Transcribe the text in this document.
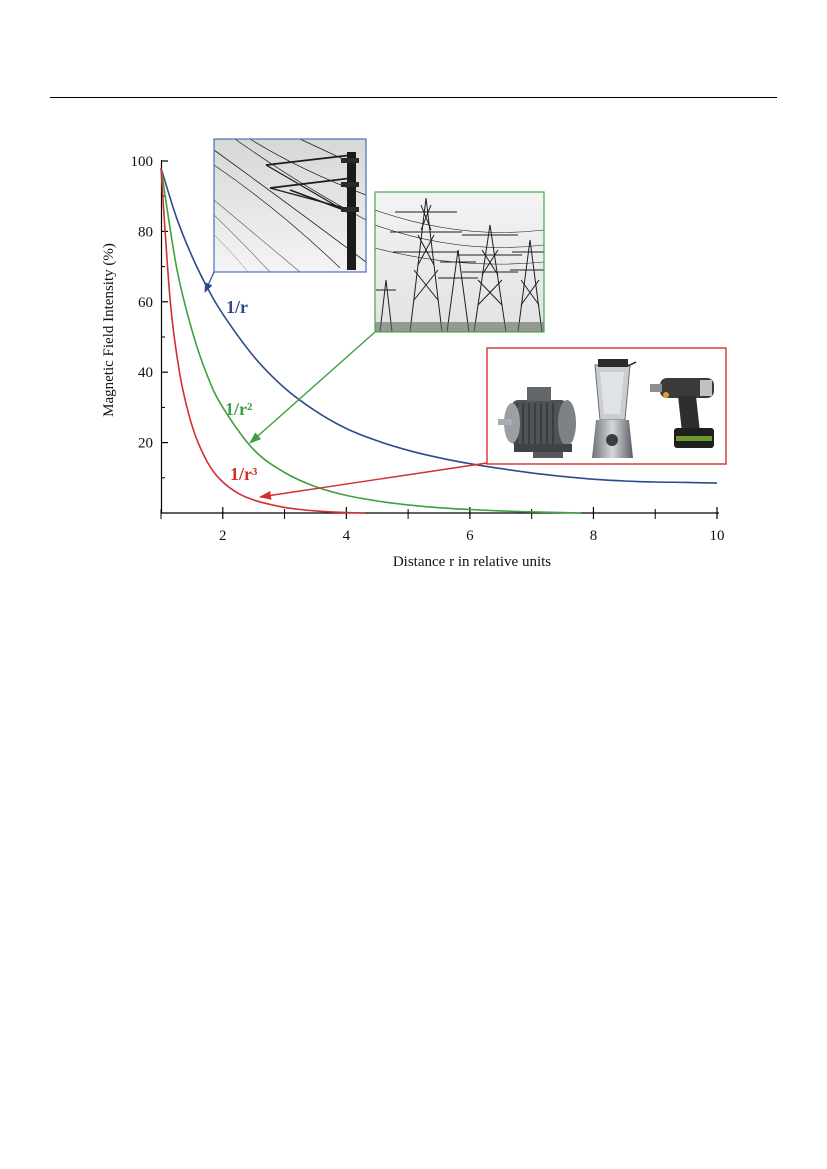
20
40
60
80
100
2	4	6	8	10
Distance r in relative units
Magnetic Field Intensity (%)	1/r
1/r²
1/r³
